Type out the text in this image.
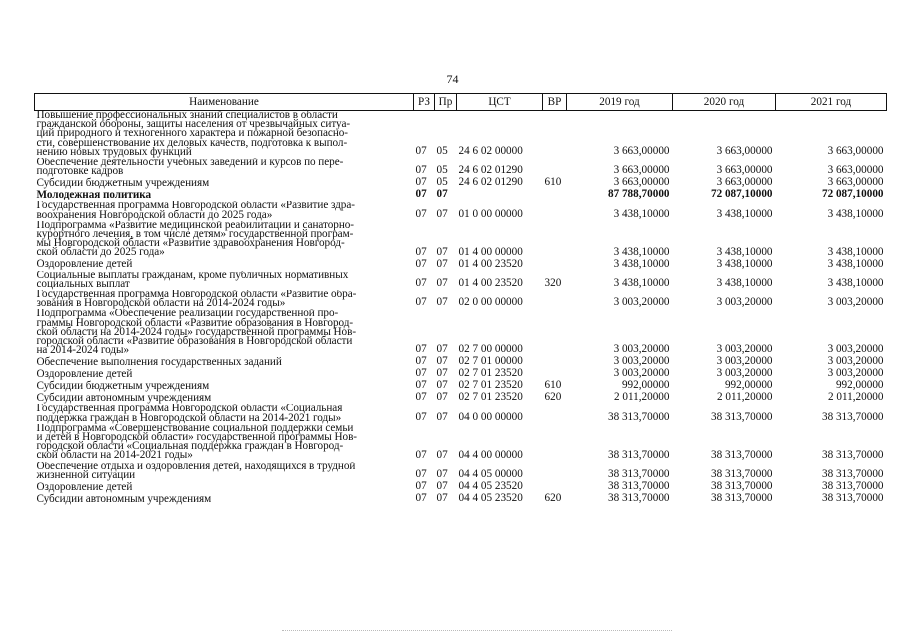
74
Наименование	РЗ	Пр	ЦСТ	ВР	2019 год	2020 год	2021 год

Повышение профессиональных знаний специалистов в области
гражданской обороны, защиты населения от чрезвычайных ситуа-
ций природного и техногенного характера и пожарной безопасно-
сти, совершенствование их деловых качеств, подготовка к выпол-
нению новых трудовых функций	07	05	24 6 02 00000		3 663,00000	3 663,00000	3 663,00000

Обеспечение деятельности учебных заведений и курсов по пере-
подготовке кадров	07	05	24 6 02 01290		3 663,00000	3 663,00000	3 663,00000

Субсидии бюджетным учреждениям	07	05	24 6 02 01290	610	3 663,00000	3 663,00000	3 663,00000

Молодежная политика	07	07			87 788,70000	72 087,10000	72 087,10000

Государственная программа Новгородской области «Развитие здра-
воохранения Новгородской области до 2025 года»	07	07	01 0 00 00000		3 438,10000	3 438,10000	3 438,10000

Подпрограмма «Развитие медицинской реабилитации и санаторно-
курортного лечения, в том числе детям» государственной програм-
мы Новгородской области «Развитие здравоохранения Новгород-
ской области до 2025 года»	07	07	01 4 00 00000		3 438,10000	3 438,10000	3 438,10000

Оздоровление детей	07	07	01 4 00 23520		3 438,10000	3 438,10000	3 438,10000

Социальные выплаты гражданам, кроме публичных нормативных
социальных выплат	07	07	01 4 00 23520	320	3 438,10000	3 438,10000	3 438,10000

Государственная программа Новгородской области «Развитие обра-
зования в Новгородской области на 2014-2024 годы»	07	07	02 0 00 00000		3 003,20000	3 003,20000	3 003,20000

Подпрограмма «Обеспечение реализации государственной про-
граммы Новгородской области «Развитие образования в Новгород-
ской области на 2014-2024 годы» государственной программы Нов-
городской области «Развитие образования в Новгородской области
на 2014-2024 годы»	07	07	02 7 00 00000		3 003,20000	3 003,20000	3 003,20000

Обеспечение выполнения государственных заданий	07	07	02 7 01 00000		3 003,20000	3 003,20000	3 003,20000

Оздоровление детей	07	07	02 7 01 23520		3 003,20000	3 003,20000	3 003,20000

Субсидии бюджетным учреждениям	07	07	02 7 01 23520	610	992,00000	992,00000	992,00000

Субсидии автономным учреждениям	07	07	02 7 01 23520	620	2 011,20000	2 011,20000	2 011,20000

Государственная программа Новгородской области «Социальная
поддержка граждан в Новгородской области на 2014-2021 годы»	07	07	04 0 00 00000		38 313,70000	38 313,70000	38 313,70000

Подпрограмма «Совершенствование социальной поддержки семьи
и детей в Новгородской области» государственной программы Нов-
городской области «Социальная поддержка граждан в Новгород-
ской области на 2014-2021 годы»	07	07	04 4 00 00000		38 313,70000	38 313,70000	38 313,70000

Обеспечение отдыха и оздоровления детей, находящихся в трудной
жизненной ситуации	07	07	04 4 05 00000		38 313,70000	38 313,70000	38 313,70000

Оздоровление детей	07	07	04 4 05 23520		38 313,70000	38 313,70000	38 313,70000

Субсидии автономным учреждениям	07	07	04 4 05 23520	620	38 313,70000	38 313,70000	38 313,70000
